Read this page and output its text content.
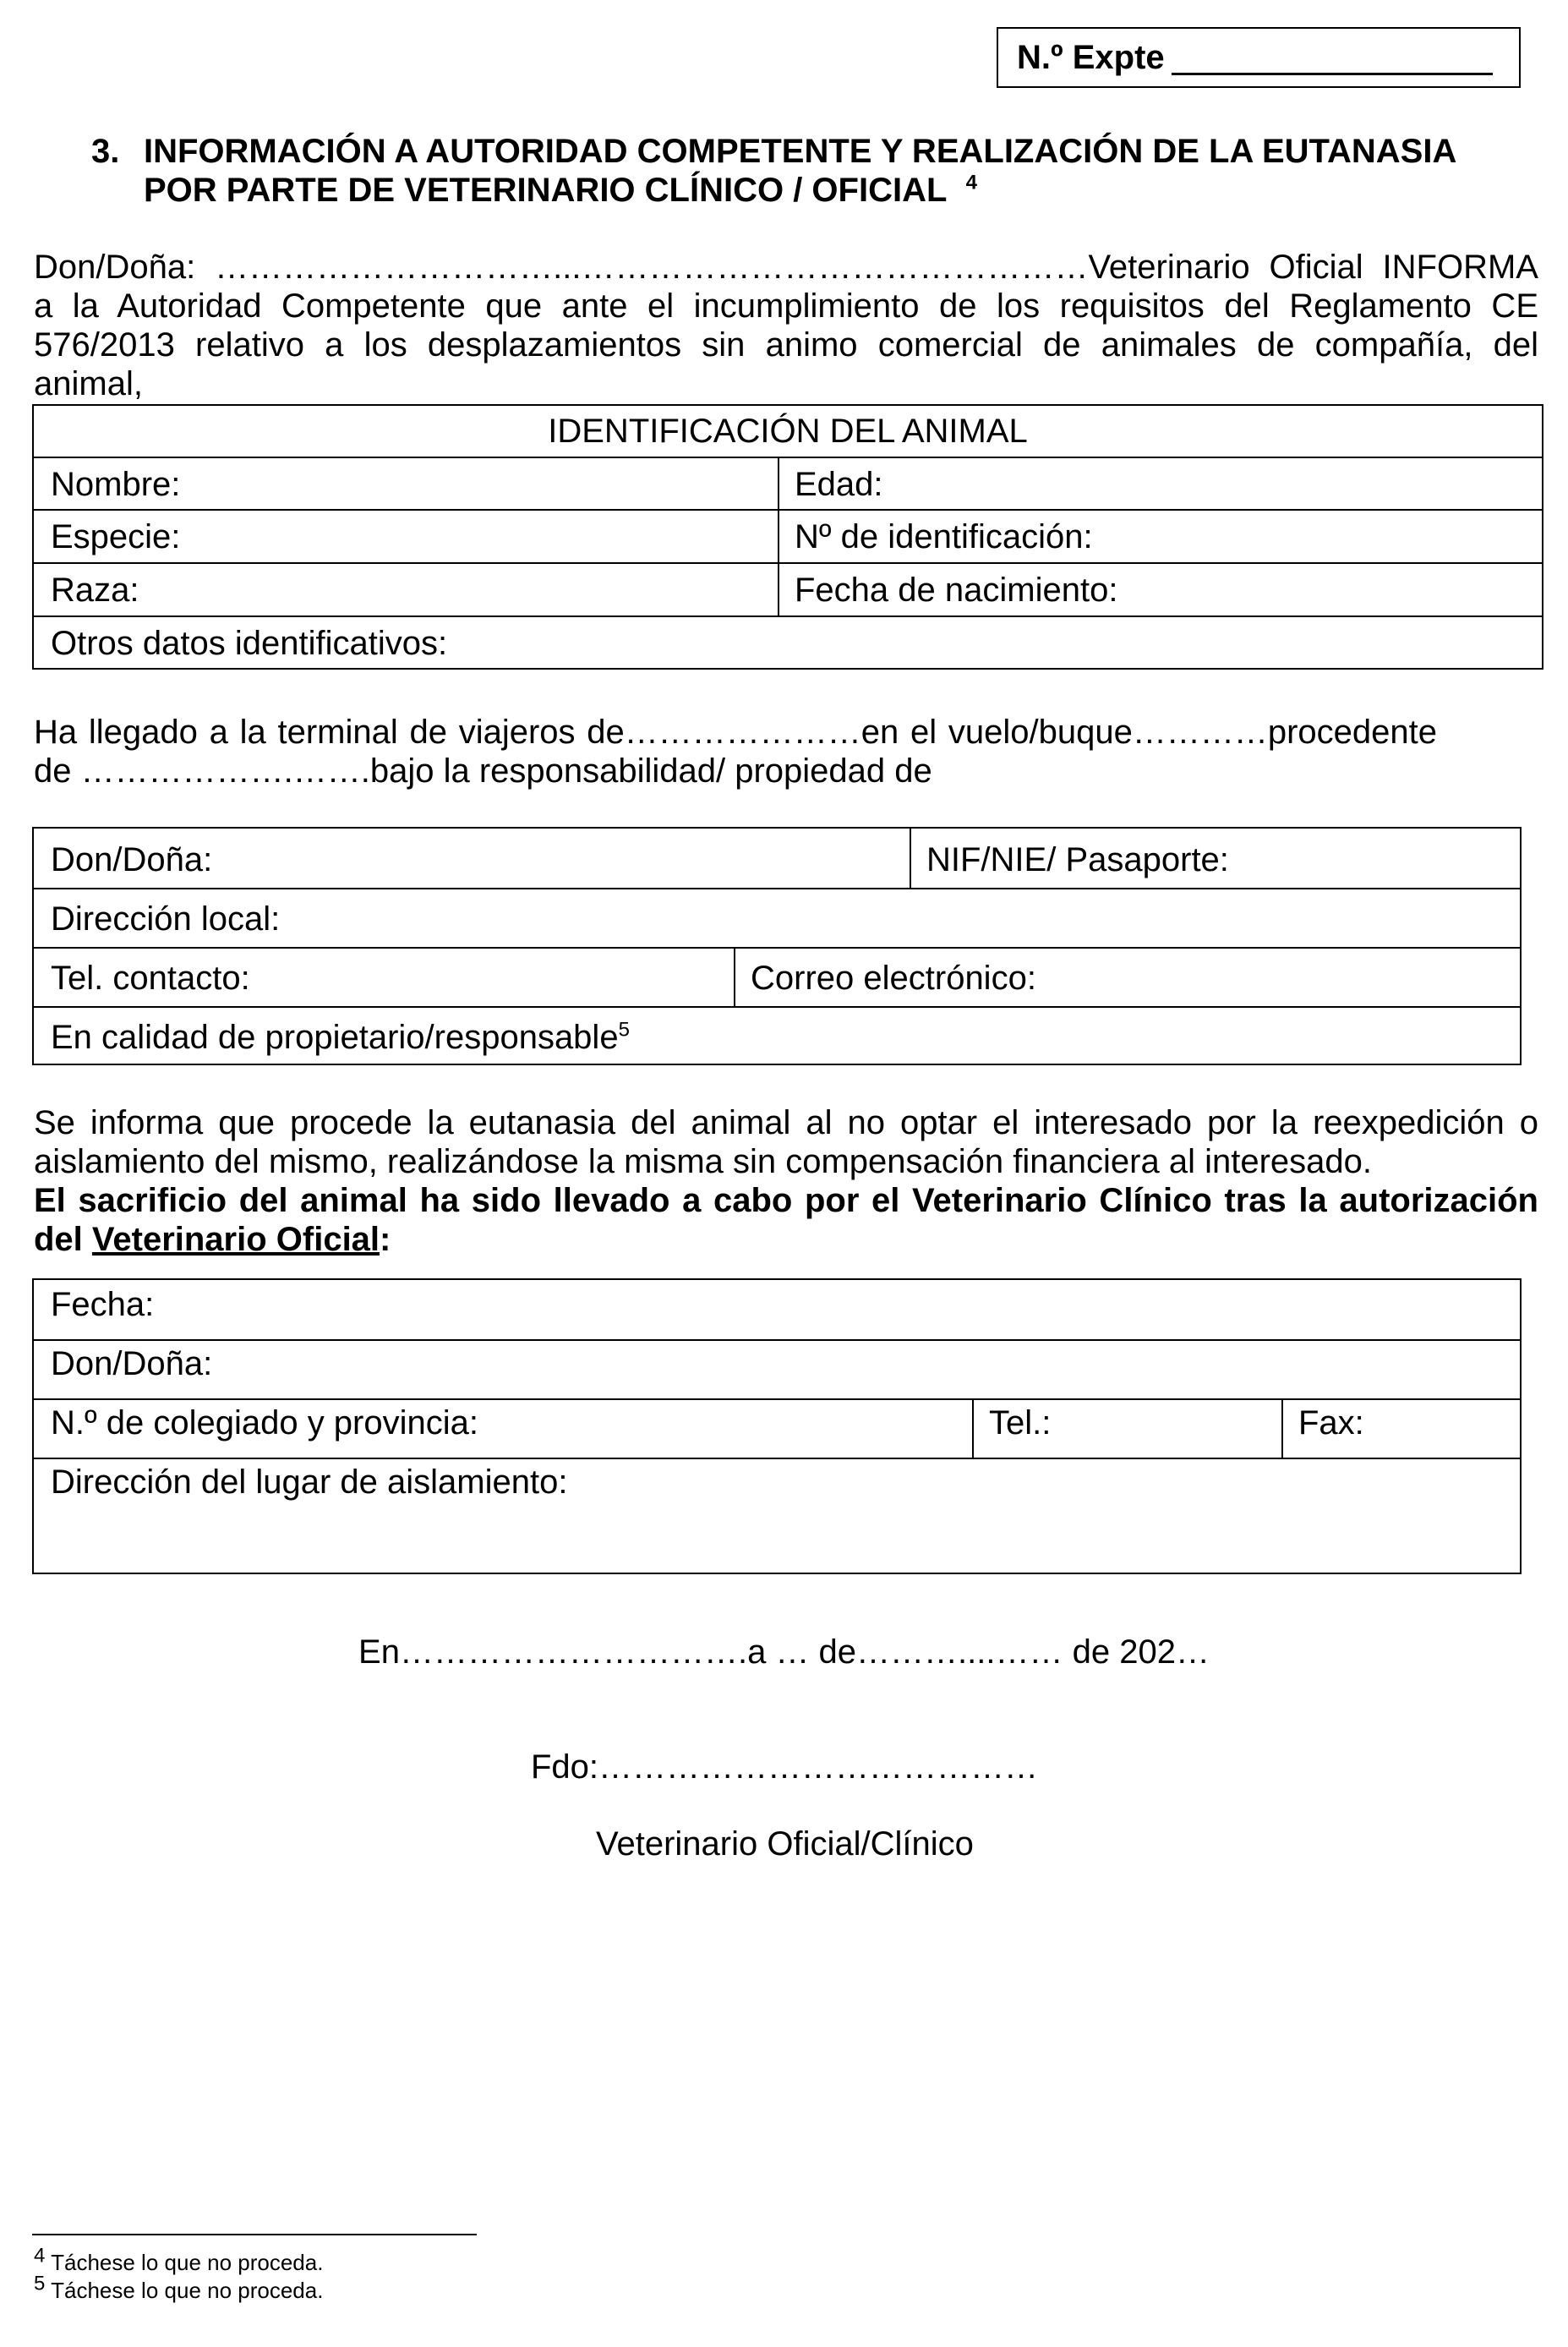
N.º Expte
3. INFORMACIÓN A AUTORIDAD COMPETENTE Y REALIZACIÓN DE LA EUTANASIA
POR PARTE DE VETERINARIO CLÍNICO / OFICIAL $^4$
Don/Doña: …………………………...………………………………………Veterinario Oficial INFORMA
a la Autoridad Competente que ante el incumplimiento de los requisitos del Reglamento CE
576/2013 relativo a los desplazamientos sin animo comercial de animales de compañía, del
animal,
IDENTIFICACIÓN DEL ANIMAL
Nombre:	Edad:
Especie:	Nº de identificación:
Raza:	Fecha de nacimiento:
Otros datos identificativos:
Ha llegado a la terminal de viajeros de…………………en el vuelo/buque…………procedente
de ……………….…….bajo la responsabilidad/ propiedad de
Don/Doña:	NIF/NIE/ Pasaporte:
Dirección local:
Tel. contacto:	Correo electrónico:
En calidad de propietario/responsable$^5$
Se informa que procede la eutanasia del animal al no optar el interesado por la reexpedición o
aislamiento del mismo, realizándose la misma sin compensación financiera al interesado.
El sacrificio del animal ha sido llevado a cabo por el Veterinario Clínico tras la autorización
del Veterinario Oficial:
Fecha:
Don/Doña:
N.º de colegiado y provincia:	Tel.:	Fax:
Dirección del lugar de aislamiento:
En………………………….a … de………....…… de 202…
Fdo:…………………………………
Veterinario Oficial/Clínico
$^4$ Táchese lo que no proceda.
$^5$ Táchese lo que no proceda.
